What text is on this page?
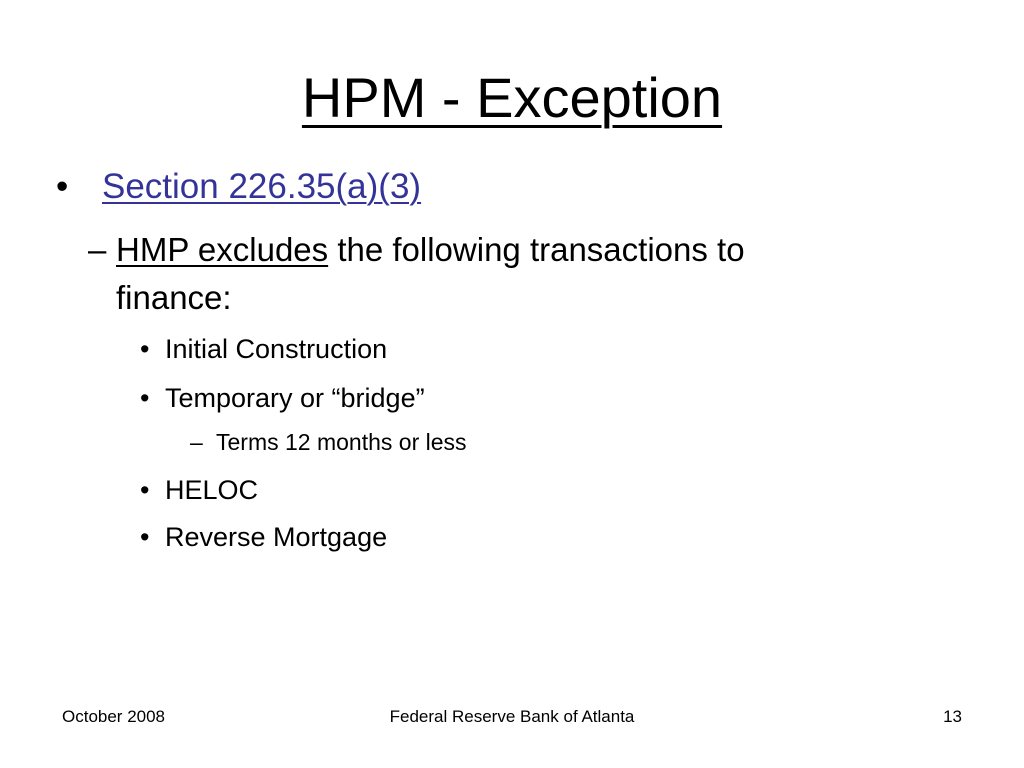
HPM - Exception
• Section 226.35(a)(3)
– HMP excludes the following transactions to
finance:
• Initial Construction
• Temporary or “bridge”
– Terms 12 months or less
• HELOC
• Reverse Mortgage
October 2008	Federal Reserve Bank of Atlanta	13
